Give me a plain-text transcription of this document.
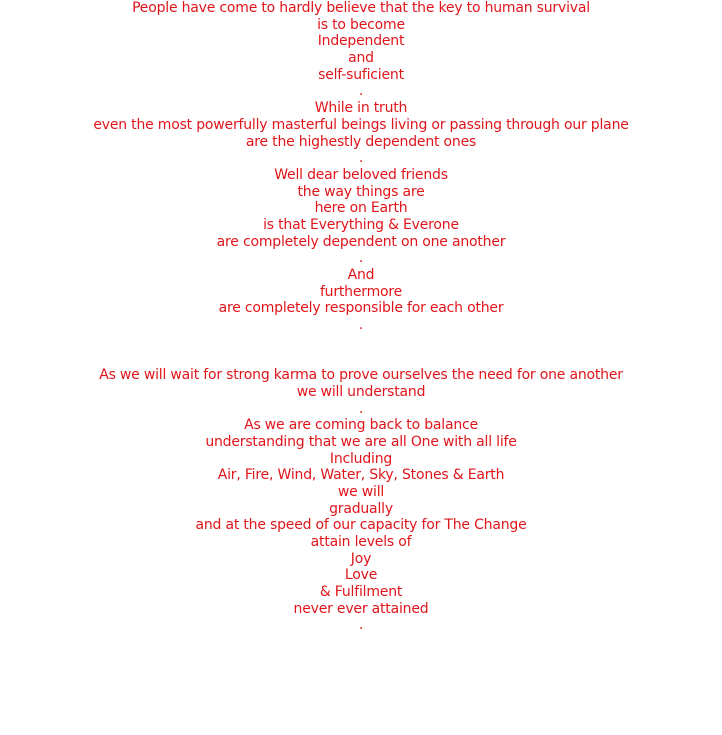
People have come to hardly believe that the key to human survival
is to become
Independent
and
self-suficient
.
While in truth
even the most powerfully masterful beings living or passing through our plane
are the highestly dependent ones
.
Well dear beloved friends
the way things are
here on Earth
is that Everything & Everone
are completely dependent on one another
.
And
furthermore
are completely responsible for each other
.
As we will wait for strong karma to prove ourselves the need for one another
we will understand
.
As we are coming back to balance
understanding that we are all One with all life
Including
Air, Fire, Wind, Water, Sky, Stones & Earth
we will
gradually
and at the speed of our capacity for The Change
attain levels of
Joy
Love
& Fulfilment
never ever attained
.
